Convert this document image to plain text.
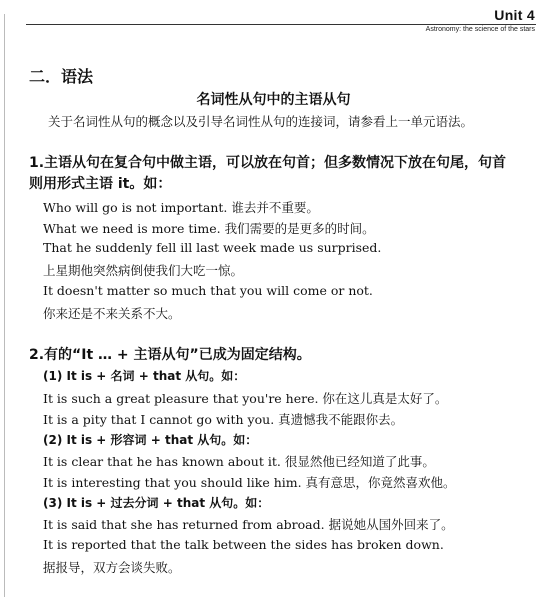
Unit 4
Astronomy: the science of the stars
二．语法
名词性从句中的主语从句
关于名词性从句的概念以及引导名词性从句的连接词，请参看上一单元语法。
1.主语从句在复合句中做主语，可以放在句首；但多数情况下放在句尾，句首
则用形式主语 it。如：
Who will go is not important. 谁去并不重要。
What we need is more time. 我们需要的是更多的时间。
That he suddenly fell ill last week made us surprised.
上星期他突然病倒使我们大吃一惊。
It doesn't matter so much that you will come or not.
你来还是不来关系不大。
2.有的“It … + 主语从句”已成为固定结构。
(1) It is + 名词 + that 从句。如：
It is such a great pleasure that you're here. 你在这儿真是太好了。
It is a pity that I cannot go with you. 真遗憾我不能跟你去。
(2) It is + 形容词 + that 从句。如：
It is clear that he has known about it. 很显然他已经知道了此事。
It is interesting that you should like him. 真有意思，你竟然喜欢他。
(3) It is + 过去分词 + that 从句。如：
It is said that she has returned from abroad. 据说她从国外回来了。
It is reported that the talk between the sides has broken down.
据报导，双方会谈失败。
